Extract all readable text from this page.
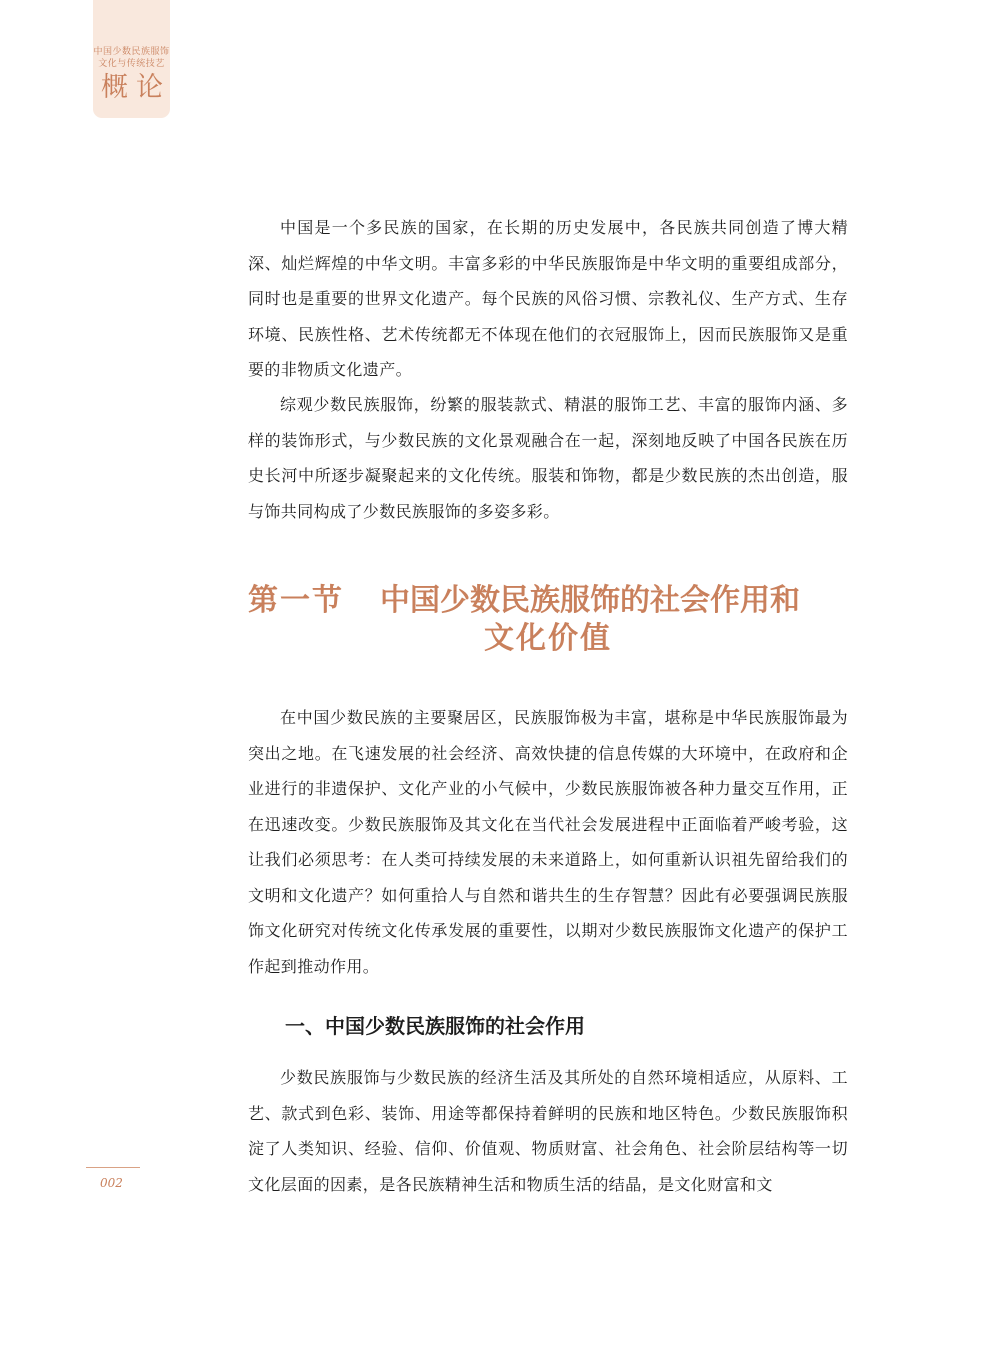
中国少数民族服饰
文化与传统技艺
概论

中国是一个多民族的国家，在长期的历史发展中，各民族共同创造了博大精深、灿烂辉煌的中华文明。丰富多彩的中华民族服饰是中华文明的重要组成部分，同时也是重要的世界文化遗产。每个民族的风俗习惯、宗教礼仪、生产方式、生存环境、民族性格、艺术传统都无不体现在他们的衣冠服饰上，因而民族服饰又是重要的非物质文化遗产。

综观少数民族服饰，纷繁的服装款式、精湛的服饰工艺、丰富的服饰内涵、多样的装饰形式，与少数民族的文化景观融合在一起，深刻地反映了中国各民族在历史长河中所逐步凝聚起来的文化传统。服装和饰物，都是少数民族的杰出创造，服与饰共同构成了少数民族服饰的多姿多彩。

第一节 中国少数民族服饰的社会作用和
文化价值

在中国少数民族的主要聚居区，民族服饰极为丰富，堪称是中华民族服饰最为突出之地。在飞速发展的社会经济、高效快捷的信息传媒的大环境中，在政府和企业进行的非遗保护、文化产业的小气候中，少数民族服饰被各种力量交互作用，正在迅速改变。少数民族服饰及其文化在当代社会发展进程中正面临着严峻考验，这让我们必须思考：在人类可持续发展的未来道路上，如何重新认识祖先留给我们的文明和文化遗产？如何重拾人与自然和谐共生的生存智慧？因此有必要强调民族服饰文化研究对传统文化传承发展的重要性，以期对少数民族服饰文化遗产的保护工作起到推动作用。

一、中国少数民族服饰的社会作用

少数民族服饰与少数民族的经济生活及其所处的自然环境相适应，从原料、工艺、款式到色彩、装饰、用途等都保持着鲜明的民族和地区特色。少数民族服饰积淀了人类知识、经验、信仰、价值观、物质财富、社会角色、社会阶层结构等一切文化层面的因素，是各民族精神生活和物质生活的结晶，是文化财富和文

002
